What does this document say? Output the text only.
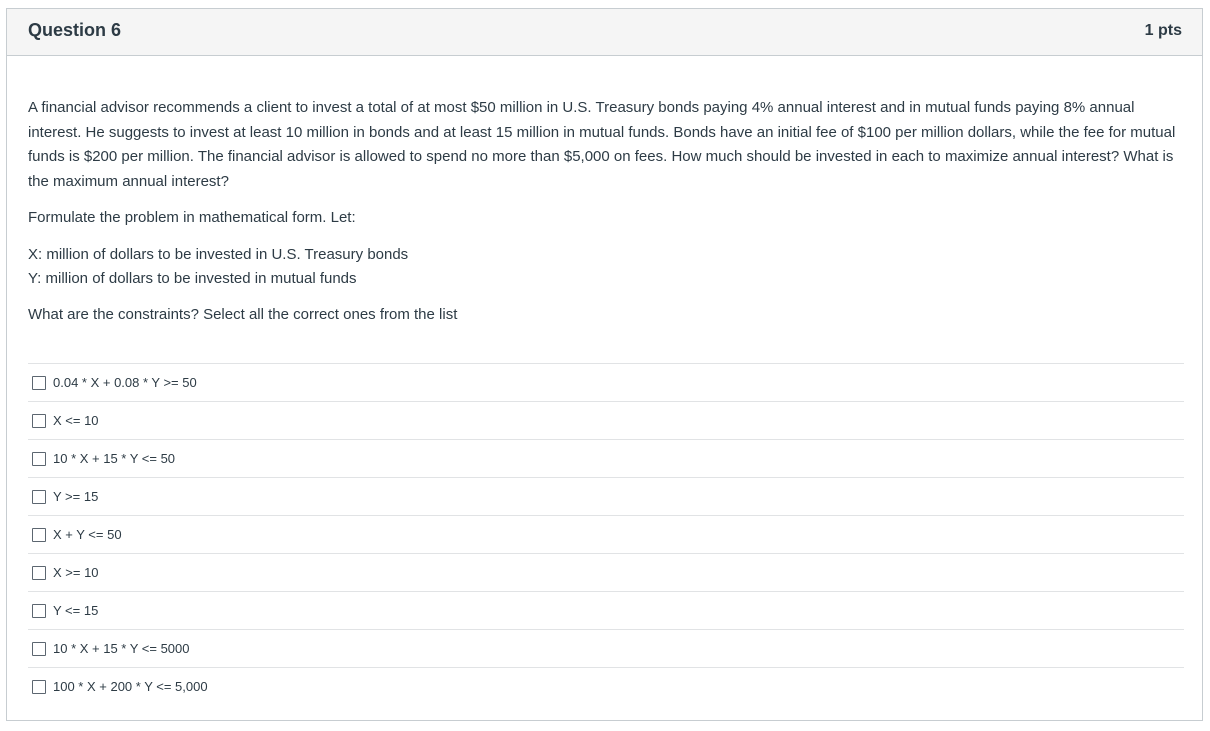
Question 6	1 pts

A financial advisor recommends a client to invest a total of at most $50 million in U.S. Treasury bonds paying 4% annual interest and in mutual funds paying 8% annual interest. He suggests to invest at least 10 million in bonds and at least 15 million in mutual funds. Bonds have an initial fee of $100 per million dollars, while the fee for mutual funds is $200 per million. The financial advisor is allowed to spend no more than $5,000 on fees. How much should be invested in each to maximize annual interest? What is the maximum annual interest?

Formulate the problem in mathematical form. Let:

X: million of dollars to be invested in U.S. Treasury bonds
Y: million of dollars to be invested in mutual funds

What are the constraints? Select all the correct ones from the list

0.04 * X + 0.08 * Y >= 50
X <= 10
10 * X + 15 * Y <= 50
Y >= 15
X + Y <= 50
X >= 10
Y <= 15
10 * X + 15 * Y <= 5000
100 * X + 200 * Y <= 5,000
